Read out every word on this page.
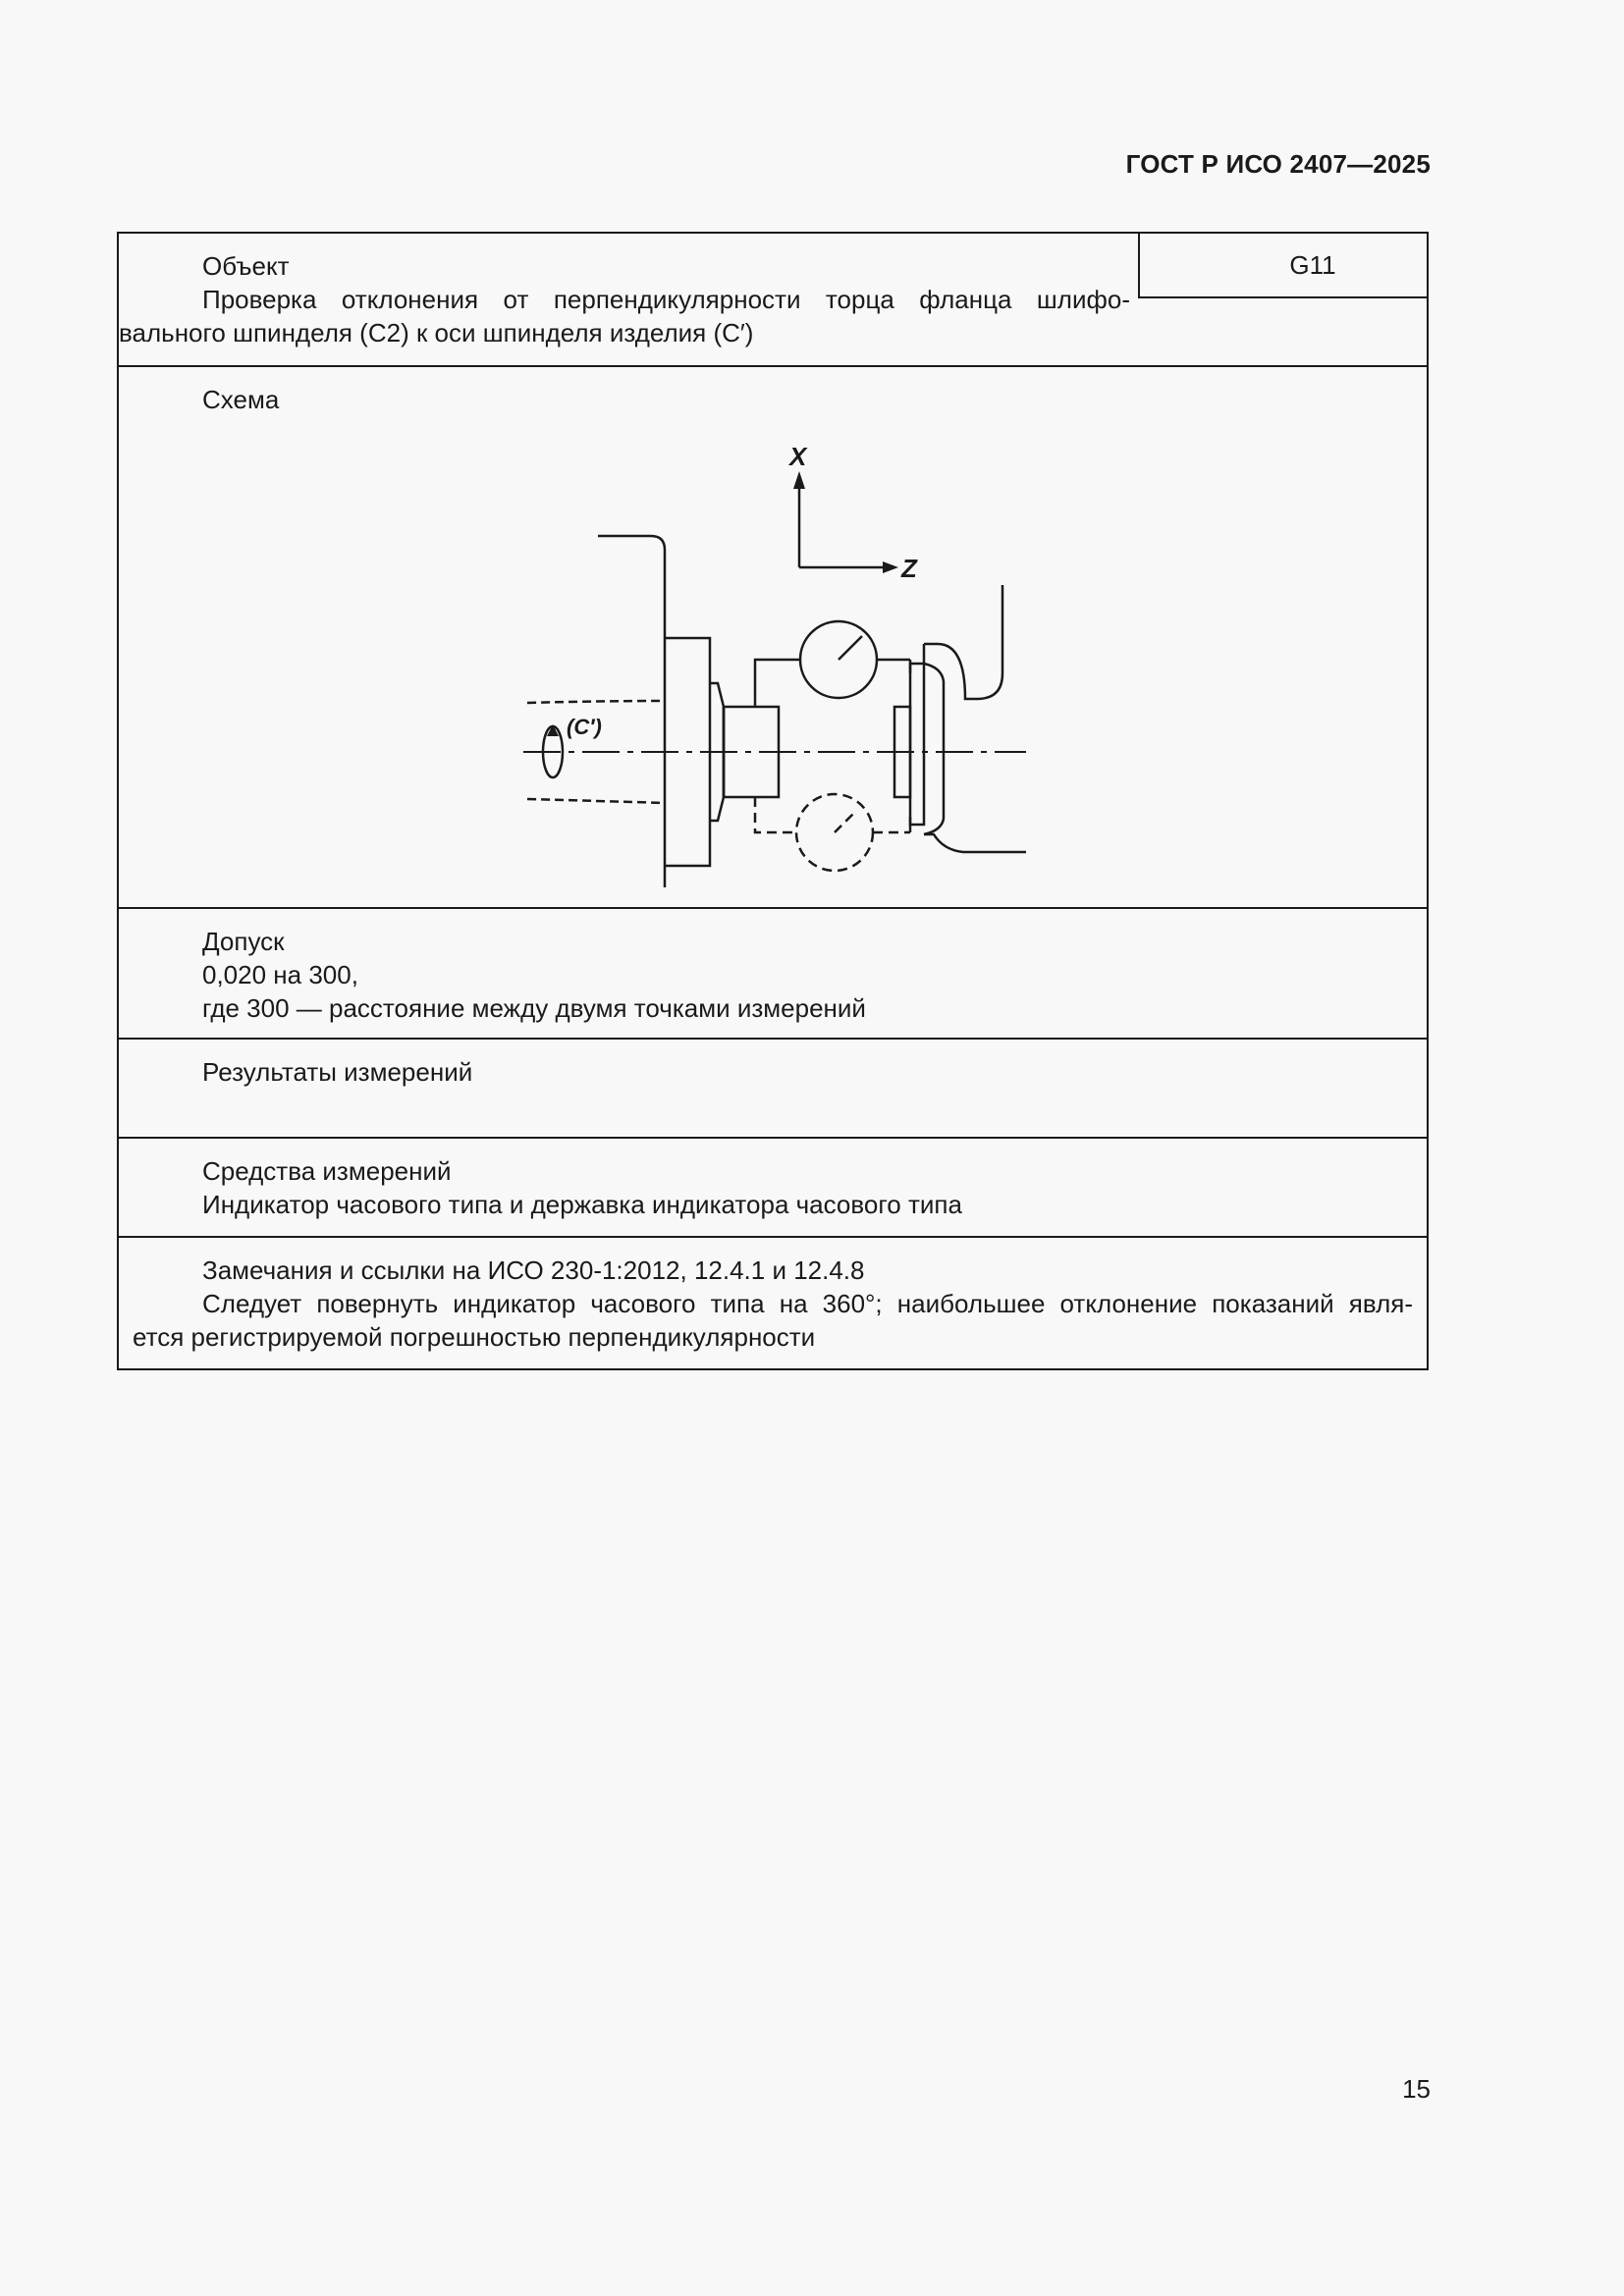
ГОСТ Р ИСО 2407—2025

Объект

Проверка отклонения от перпендикулярности торца фланца шлифо-

вального шпинделя (C2) к оси шпинделя изделия (C′)

G11

Схема

X
Z
(C′)

Допуск

0,020 на 300,

где 300 — расстояние между двумя точками измерений

Результаты измерений

Средства измерений

Индикатор часового типа и державка индикатора часового типа

Замечания и ссылки на ИСО 230-1:2012, 12.4.1 и 12.4.8

Следует повернуть индикатор часового типа на 360°; наибольшее отклонение показаний явля-

ется регистрируемой погрешностью перпендикулярности

15
